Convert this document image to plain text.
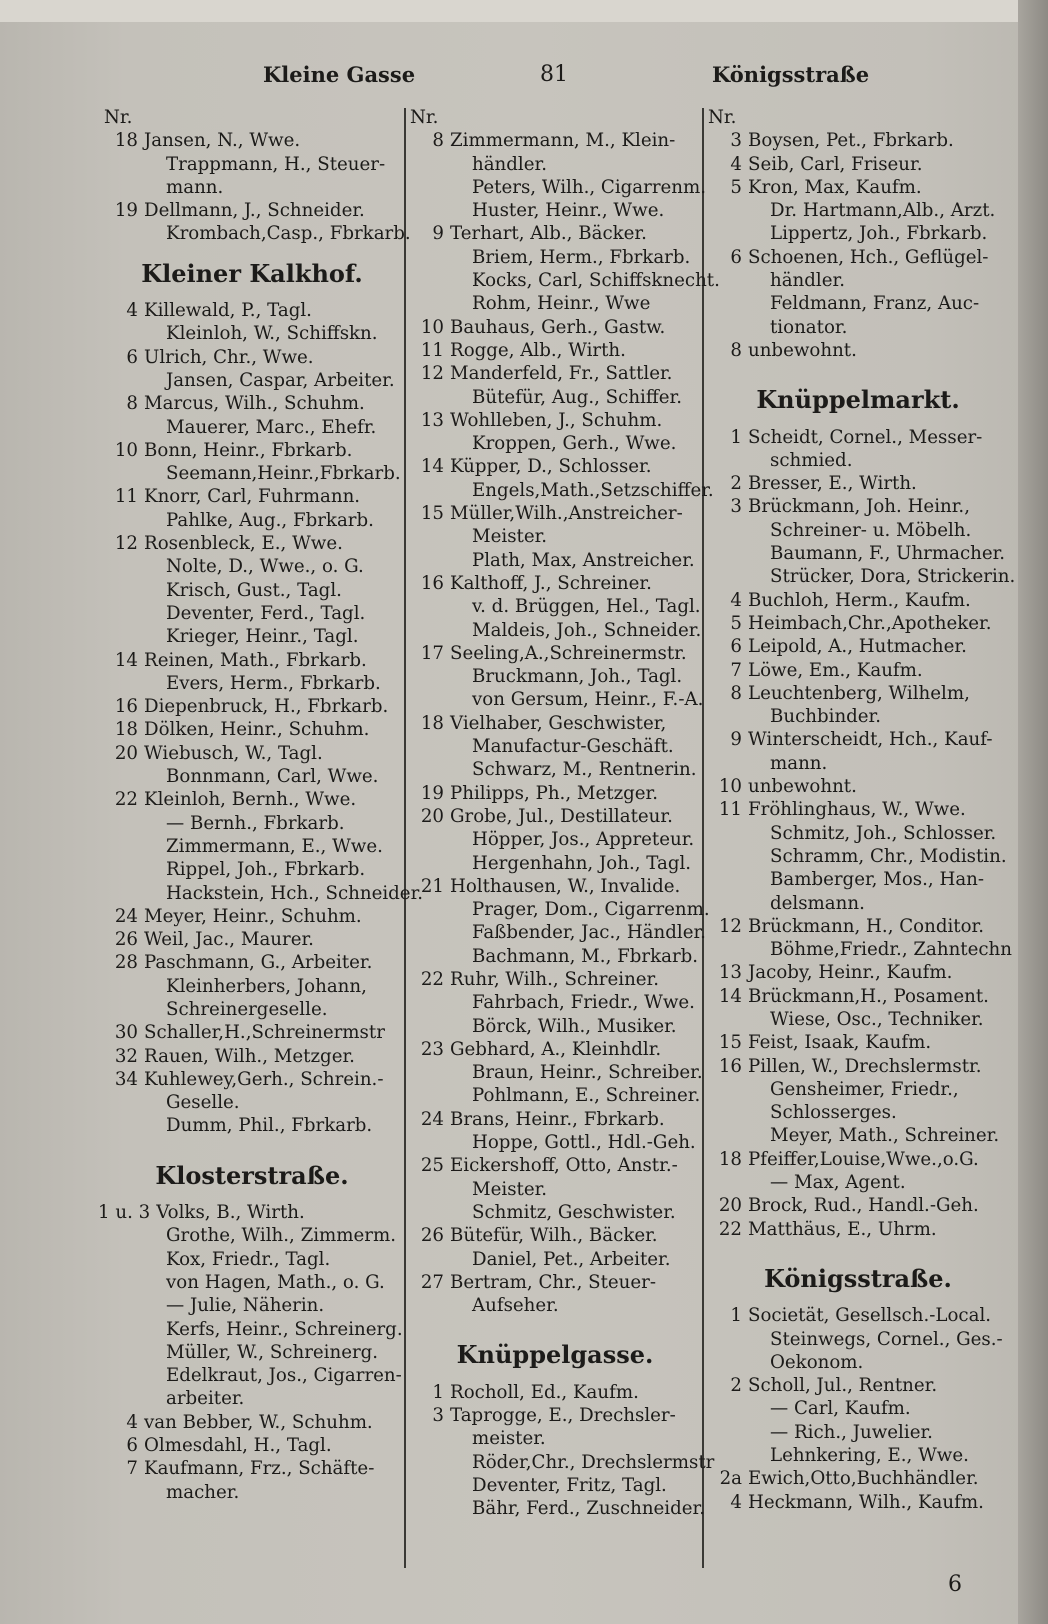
Kleine Gasse	81	Königsstraße
Nr.
18 Jansen, N., Wwe.
Trappmann, H., Steuer-
mann.
19 Dellmann, J., Schneider.
Krombach,Casp., Fbrkarb.
Kleiner Kalkhof.
4 Killewald, P., Tagl.
Kleinloh, W., Schiffskn.
6 Ulrich, Chr., Wwe.
Jansen, Caspar, Arbeiter.
8 Marcus, Wilh., Schuhm.
Mauerer, Marc., Ehefr.
10 Bonn, Heinr., Fbrkarb.
Seemann,Heinr.,Fbrkarb.
11 Knorr, Carl, Fuhrmann.
Pahlke, Aug., Fbrkarb.
12 Rosenbleck, E., Wwe.
Nolte, D., Wwe., o. G.
Krisch, Gust., Tagl.
Deventer, Ferd., Tagl.
Krieger, Heinr., Tagl.
14 Reinen, Math., Fbrkarb.
Evers, Herm., Fbrkarb.
16 Diepenbruck, H., Fbrkarb.
18 Dölken, Heinr., Schuhm.
20 Wiebusch, W., Tagl.
Bonnmann, Carl, Wwe.
22 Kleinloh, Bernh., Wwe.
— Bernh., Fbrkarb.
Zimmermann, E., Wwe.
Rippel, Joh., Fbrkarb.
Hackstein, Hch., Schneider.
24 Meyer, Heinr., Schuhm.
26 Weil, Jac., Maurer.
28 Paschmann, G., Arbeiter.
Kleinherbers, Johann,
Schreinergeselle.
30 Schaller,H.,Schreinermstr
32 Rauen, Wilh., Metzger.
34 Kuhlewey,Gerh., Schrein.-
Geselle.
Dumm, Phil., Fbrkarb.
Klosterstraße.
1 u. 3 Volks, B., Wirth.
Grothe, Wilh., Zimmerm.
Kox, Friedr., Tagl.
von Hagen, Math., o. G.
— Julie, Näherin.
Kerfs, Heinr., Schreinerg.
Müller, W., Schreinerg.
Edelkraut, Jos., Cigarren-
arbeiter.
4 van Bebber, W., Schuhm.
6 Olmesdahl, H., Tagl.
7 Kaufmann, Frz., Schäfte-
macher.
Nr.
8 Zimmermann, M., Klein-
händler.
Peters, Wilh., Cigarrenm.
Huster, Heinr., Wwe.
9 Terhart, Alb., Bäcker.
Briem, Herm., Fbrkarb.
Kocks, Carl, Schiffsknecht.
Rohm, Heinr., Wwe
10 Bauhaus, Gerh., Gastw.
11 Rogge, Alb., Wirth.
12 Manderfeld, Fr., Sattler.
Bütefür, Aug., Schiffer.
13 Wohlleben, J., Schuhm.
Kroppen, Gerh., Wwe.
14 Küpper, D., Schlosser.
Engels,Math.,Setzschiffer.
15 Müller,Wilh.,Anstreicher-
Meister.
Plath, Max, Anstreicher.
16 Kalthoff, J., Schreiner.
v. d. Brüggen, Hel., Tagl.
Maldeis, Joh., Schneider.
17 Seeling,A.,Schreinermstr.
Bruckmann, Joh., Tagl.
von Gersum, Heinr., F.-A.
18 Vielhaber, Geschwister,
Manufactur-Geschäft.
Schwarz, M., Rentnerin.
19 Philipps, Ph., Metzger.
20 Grobe, Jul., Destillateur.
Höpper, Jos., Appreteur.
Hergenhahn, Joh., Tagl.
21 Holthausen, W., Invalide.
Prager, Dom., Cigarrenm.
Faßbender, Jac., Händler.
Bachmann, M., Fbrkarb.
22 Ruhr, Wilh., Schreiner.
Fahrbach, Friedr., Wwe.
Börck, Wilh., Musiker.
23 Gebhard, A., Kleinhdlr.
Braun, Heinr., Schreiber.
Pohlmann, E., Schreiner.
24 Brans, Heinr., Fbrkarb.
Hoppe, Gottl., Hdl.-Geh.
25 Eickershoff, Otto, Anstr.-
Meister.
Schmitz, Geschwister.
26 Bütefür, Wilh., Bäcker.
Daniel, Pet., Arbeiter.
27 Bertram, Chr., Steuer-
Aufseher.
Knüppelgasse.
1 Rocholl, Ed., Kaufm.
3 Taprogge, E., Drechsler-
meister.
Röder,Chr., Drechslermstr
Deventer, Fritz, Tagl.
Bähr, Ferd., Zuschneider.
Nr.
3 Boysen, Pet., Fbrkarb.
4 Seib, Carl, Friseur.
5 Kron, Max, Kaufm.
Dr. Hartmann,Alb., Arzt.
Lippertz, Joh., Fbrkarb.
6 Schoenen, Hch., Geflügel-
händler.
Feldmann, Franz, Auc-
tionator.
8 unbewohnt.
Knüppelmarkt.
1 Scheidt, Cornel., Messer-
schmied.
2 Bresser, E., Wirth.
3 Brückmann, Joh. Heinr.,
Schreiner- u. Möbelh.
Baumann, F., Uhrmacher.
Strücker, Dora, Strickerin.
4 Buchloh, Herm., Kaufm.
5 Heimbach,Chr.,Apotheker.
6 Leipold, A., Hutmacher.
7 Löwe, Em., Kaufm.
8 Leuchtenberg, Wilhelm,
Buchbinder.
9 Winterscheidt, Hch., Kauf-
mann.
10 unbewohnt.
11 Fröhlinghaus, W., Wwe.
Schmitz, Joh., Schlosser.
Schramm, Chr., Modistin.
Bamberger, Mos., Han-
delsmann.
12 Brückmann, H., Conditor.
Böhme,Friedr., Zahntechn
13 Jacoby, Heinr., Kaufm.
14 Brückmann,H., Posament.
Wiese, Osc., Techniker.
15 Feist, Isaak, Kaufm.
16 Pillen, W., Drechslermstr.
Gensheimer, Friedr.,
Schlosserges.
Meyer, Math., Schreiner.
18 Pfeiffer,Louise,Wwe.,o.G.
— Max, Agent.
20 Brock, Rud., Handl.-Geh.
22 Matthäus, E., Uhrm.
Königsstraße.
1 Societät, Gesellsch.-Local.
Steinwegs, Cornel., Ges.-
Oekonom.
2 Scholl, Jul., Rentner.
— Carl, Kaufm.
— Rich., Juwelier.
Lehnkering, E., Wwe.
2a Ewich,Otto,Buchhändler.
4 Heckmann, Wilh., Kaufm.
6
